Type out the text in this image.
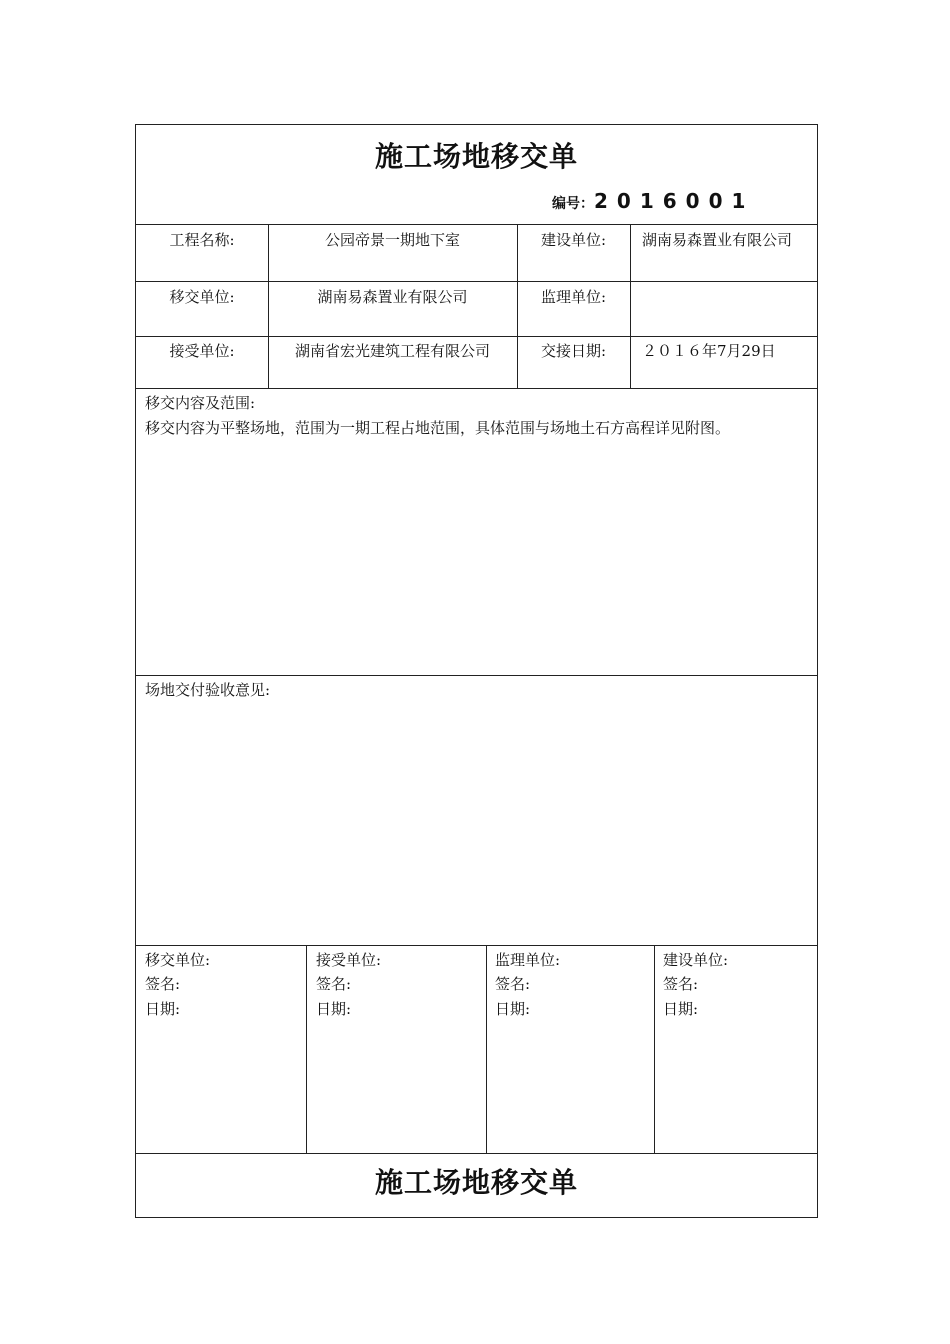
施工场地移交单
编号：2016001
工程名称:	公园帝景一期地下室	建设单位:	湖南易森置业有限公司
移交单位:	湖南易森置业有限公司	监理单位:
接受单位:	湖南省宏光建筑工程有限公司	交接日期:	２０１６年7月29日
移交内容及范围:
移交内容为平整场地，范围为一期工程占地范围，具体范围与场地土石方高程详见附图。
场地交付验收意见:
移交单位:
签名:
日期:
接受单位:
签名:
日期:
监理单位:
签名:
日期:
建设单位:
签名:
日期:
施工场地移交单
